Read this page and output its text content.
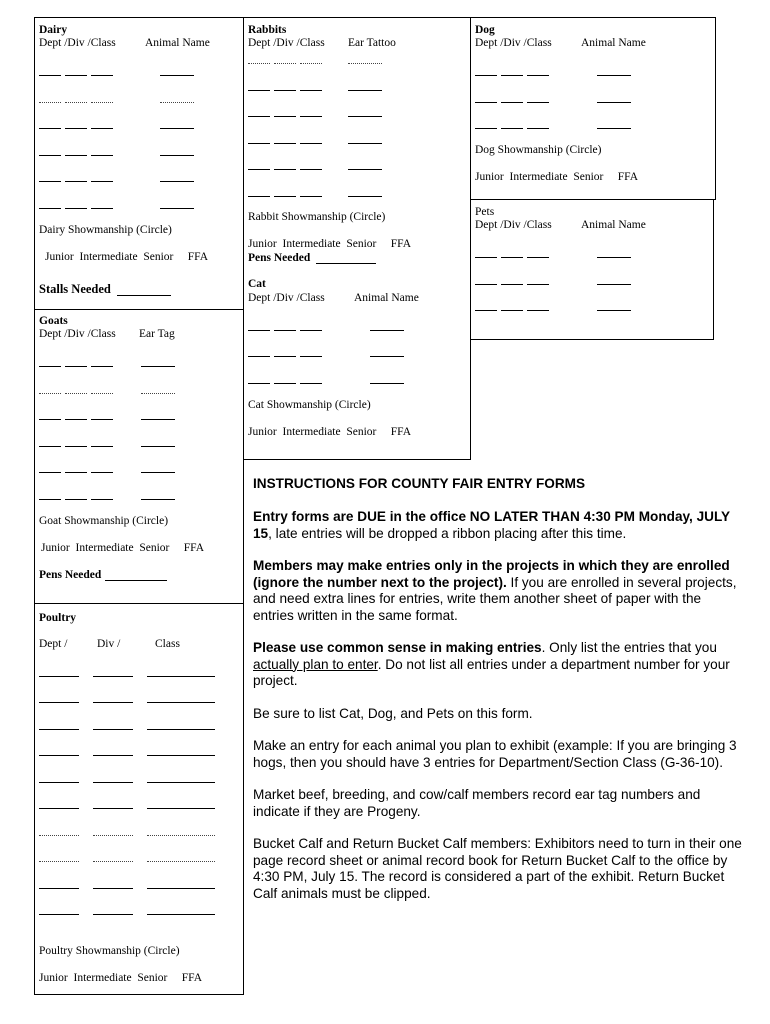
Dairy
Dept /Div /Class	Animal Name
Dairy Showmanship (Circle)
Junior  Intermediate  Senior     FFA
Stalls Needed
Rabbits
Dept /Div /Class Ear Tattoo
Rabbit Showmanship (Circle)
Junior  Intermediate  Senior     FFA
Pens Needed
Cat
Dept /Div /Class	Animal Name
Cat Showmanship (Circle)
Junior  Intermediate  Senior     FFA
Dog
Dept /Div /Class	Animal Name
Dog Showmanship (Circle)
Junior  Intermediate  Senior     FFA
Pets
Dept /Div /Class	Animal Name
Goats
Dept /Div /Class Ear Tag
Goat Showmanship (Circle)
Junior  Intermediate  Senior     FFA
Pens Needed
Poultry
Dept /	Div /	Class
Poultry Showmanship (Circle)
Junior  Intermediate  Senior     FFA

INSTRUCTIONS FOR COUNTY FAIR ENTRY FORMS

Entry forms are DUE in the office NO LATER THAN 4:30 PM Monday, JULY 15, late entries will be dropped a ribbon placing after this time.

Members may make entries only in the projects in which they are enrolled (ignore the number next to the project). If you are enrolled in several projects, and need extra lines for entries, write them another sheet of paper with the entries written in the same format.

Please use common sense in making entries. Only list the entries that you actually plan to enter. Do not list all entries under a department number for your project.

Be sure to list Cat, Dog, and Pets on this form.

Make an entry for each animal you plan to exhibit (example: If you are bringing 3 hogs, then you should have 3 entries for Department/Section Class (G-36-10).

Market beef, breeding, and cow/calf members record ear tag numbers and indicate if they are Progeny.

Bucket Calf and Return Bucket Calf members: Exhibitors need to turn in their one page record sheet or animal record book for Return Bucket Calf to the office by 4:30 PM, July 15. The record is considered a part of the exhibit. Return Bucket Calf animals must be clipped.
